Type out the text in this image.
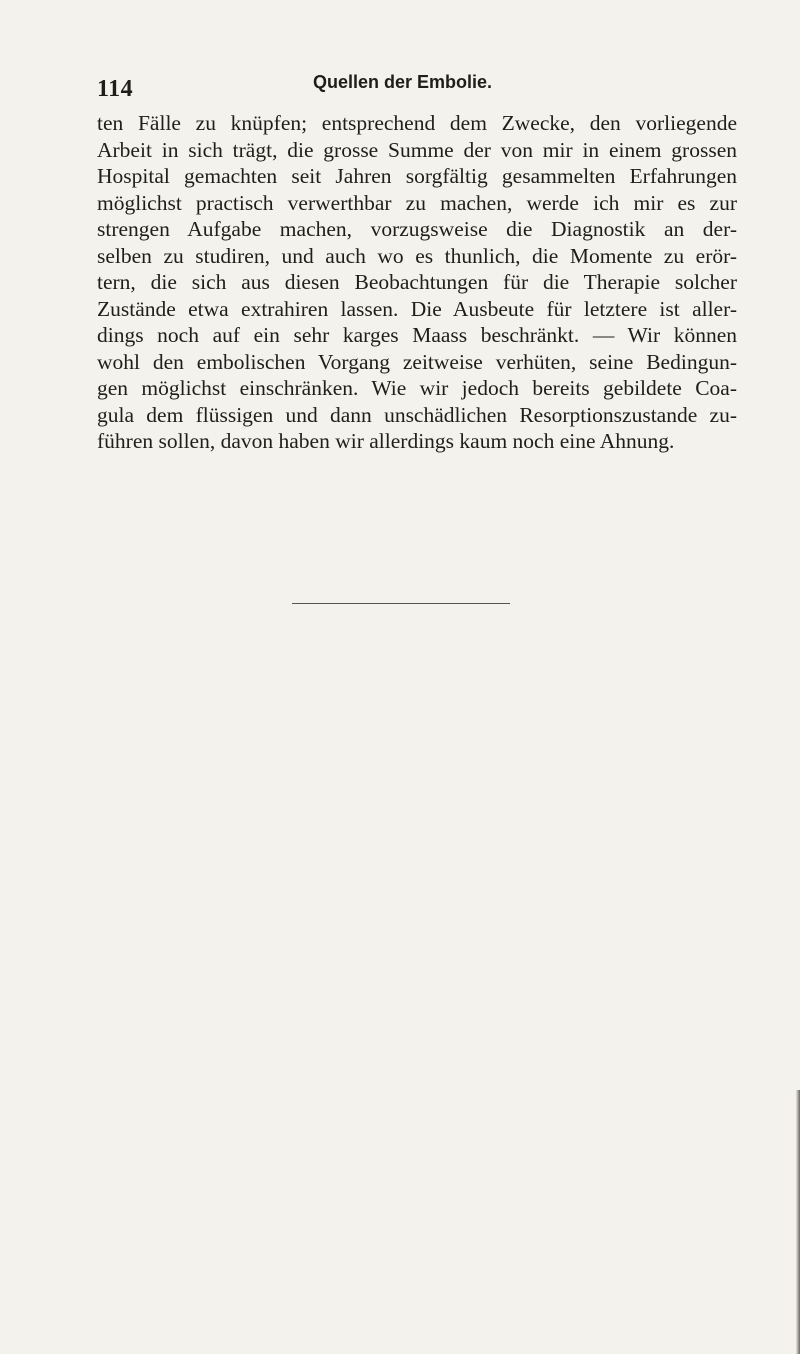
114	Quellen der Embolie.
ten Fälle zu knüpfen; entsprechend dem Zwecke, den vorliegende
Arbeit in sich trägt, die grosse Summe der von mir in einem grossen
Hospital gemachten seit Jahren sorgfältig gesammelten Erfahrungen
möglichst practisch verwerthbar zu machen, werde ich mir es zur
strengen Aufgabe machen, vorzugsweise die Diagnostik an der-
selben zu studiren, und auch wo es thunlich, die Momente zu erör-
tern, die sich aus diesen Beobachtungen für die Therapie solcher
Zustände etwa extrahiren lassen. Die Ausbeute für letztere ist aller-
dings noch auf ein sehr karges Maass beschränkt. — Wir können
wohl den embolischen Vorgang zeitweise verhüten, seine Bedingun-
gen möglichst einschränken. Wie wir jedoch bereits gebildete Coa-
gula dem flüssigen und dann unschädlichen Resorptionszustande zu-
führen sollen, davon haben wir allerdings kaum noch eine Ahnung.
